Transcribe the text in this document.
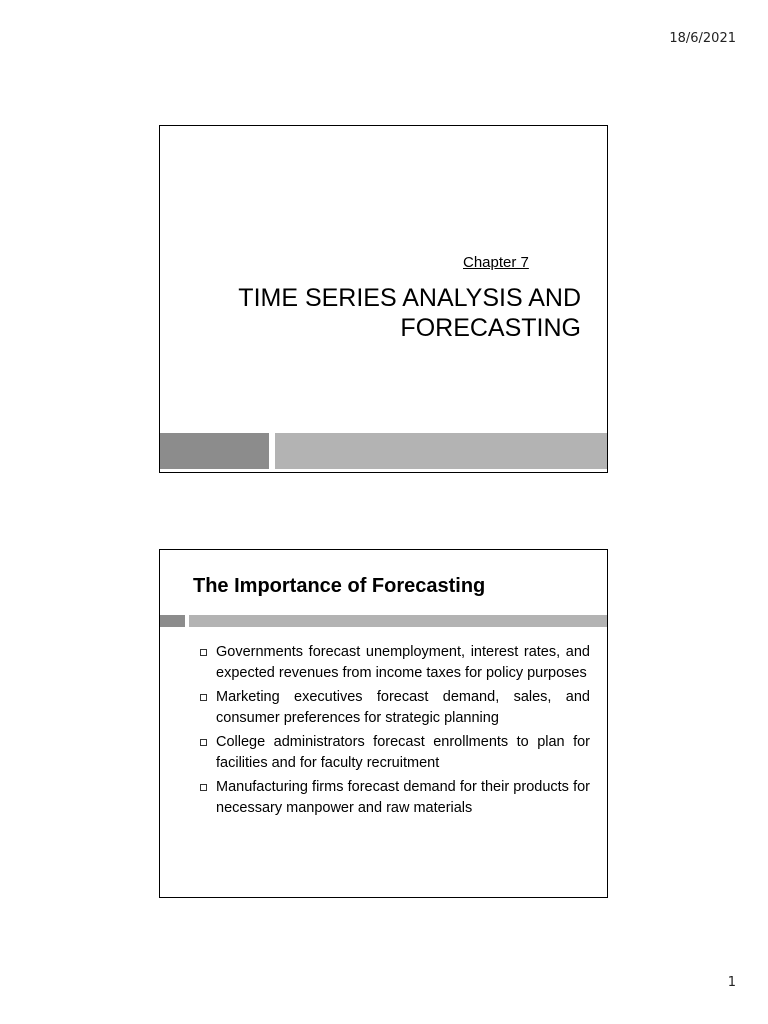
18/6/2021
Chapter 7
TIME SERIES ANALYSIS AND
FORECASTING
The Importance of Forecasting
Governments forecast unemployment, interest rates, and expected revenues from income taxes for policy purposes
Marketing executives forecast demand, sales, and consumer preferences for strategic planning
College administrators forecast enrollments to plan for facilities and for faculty recruitment
Manufacturing firms forecast demand for their products for necessary manpower and raw materials
1
